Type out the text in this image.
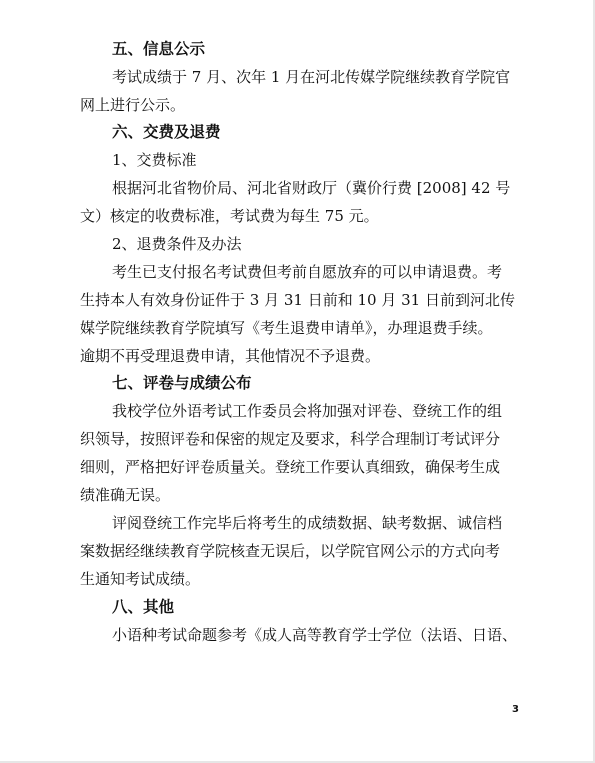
五、信息公示
考试成绩于 7 月、次年 1 月在河北传媒学院继续教育学院官
网上进行公示。
六、交费及退费
1、交费标准
根据河北省物价局、河北省财政厅（冀价行费 [2008] 42 号
文）核定的收费标准，考试费为每生 75 元。
2、退费条件及办法
考生已支付报名考试费但考前自愿放弃的可以申请退费。考
生持本人有效身份证件于 3 月 31 日前和 10 月 31 日前到河北传
媒学院继续教育学院填写《考生退费申请单》，办理退费手续。
逾期不再受理退费申请，其他情况不予退费。
七、评卷与成绩公布
我校学位外语考试工作委员会将加强对评卷、登统工作的组
织领导，按照评卷和保密的规定及要求，科学合理制订考试评分
细则，严格把好评卷质量关。登统工作要认真细致，确保考生成
绩准确无误。
评阅登统工作完毕后将考生的成绩数据、缺考数据、诚信档
案数据经继续教育学院核查无误后，以学院官网公示的方式向考
生通知考试成绩。
八、其他
小语种考试命题参考《成人高等教育学士学位（法语、日语、
3
